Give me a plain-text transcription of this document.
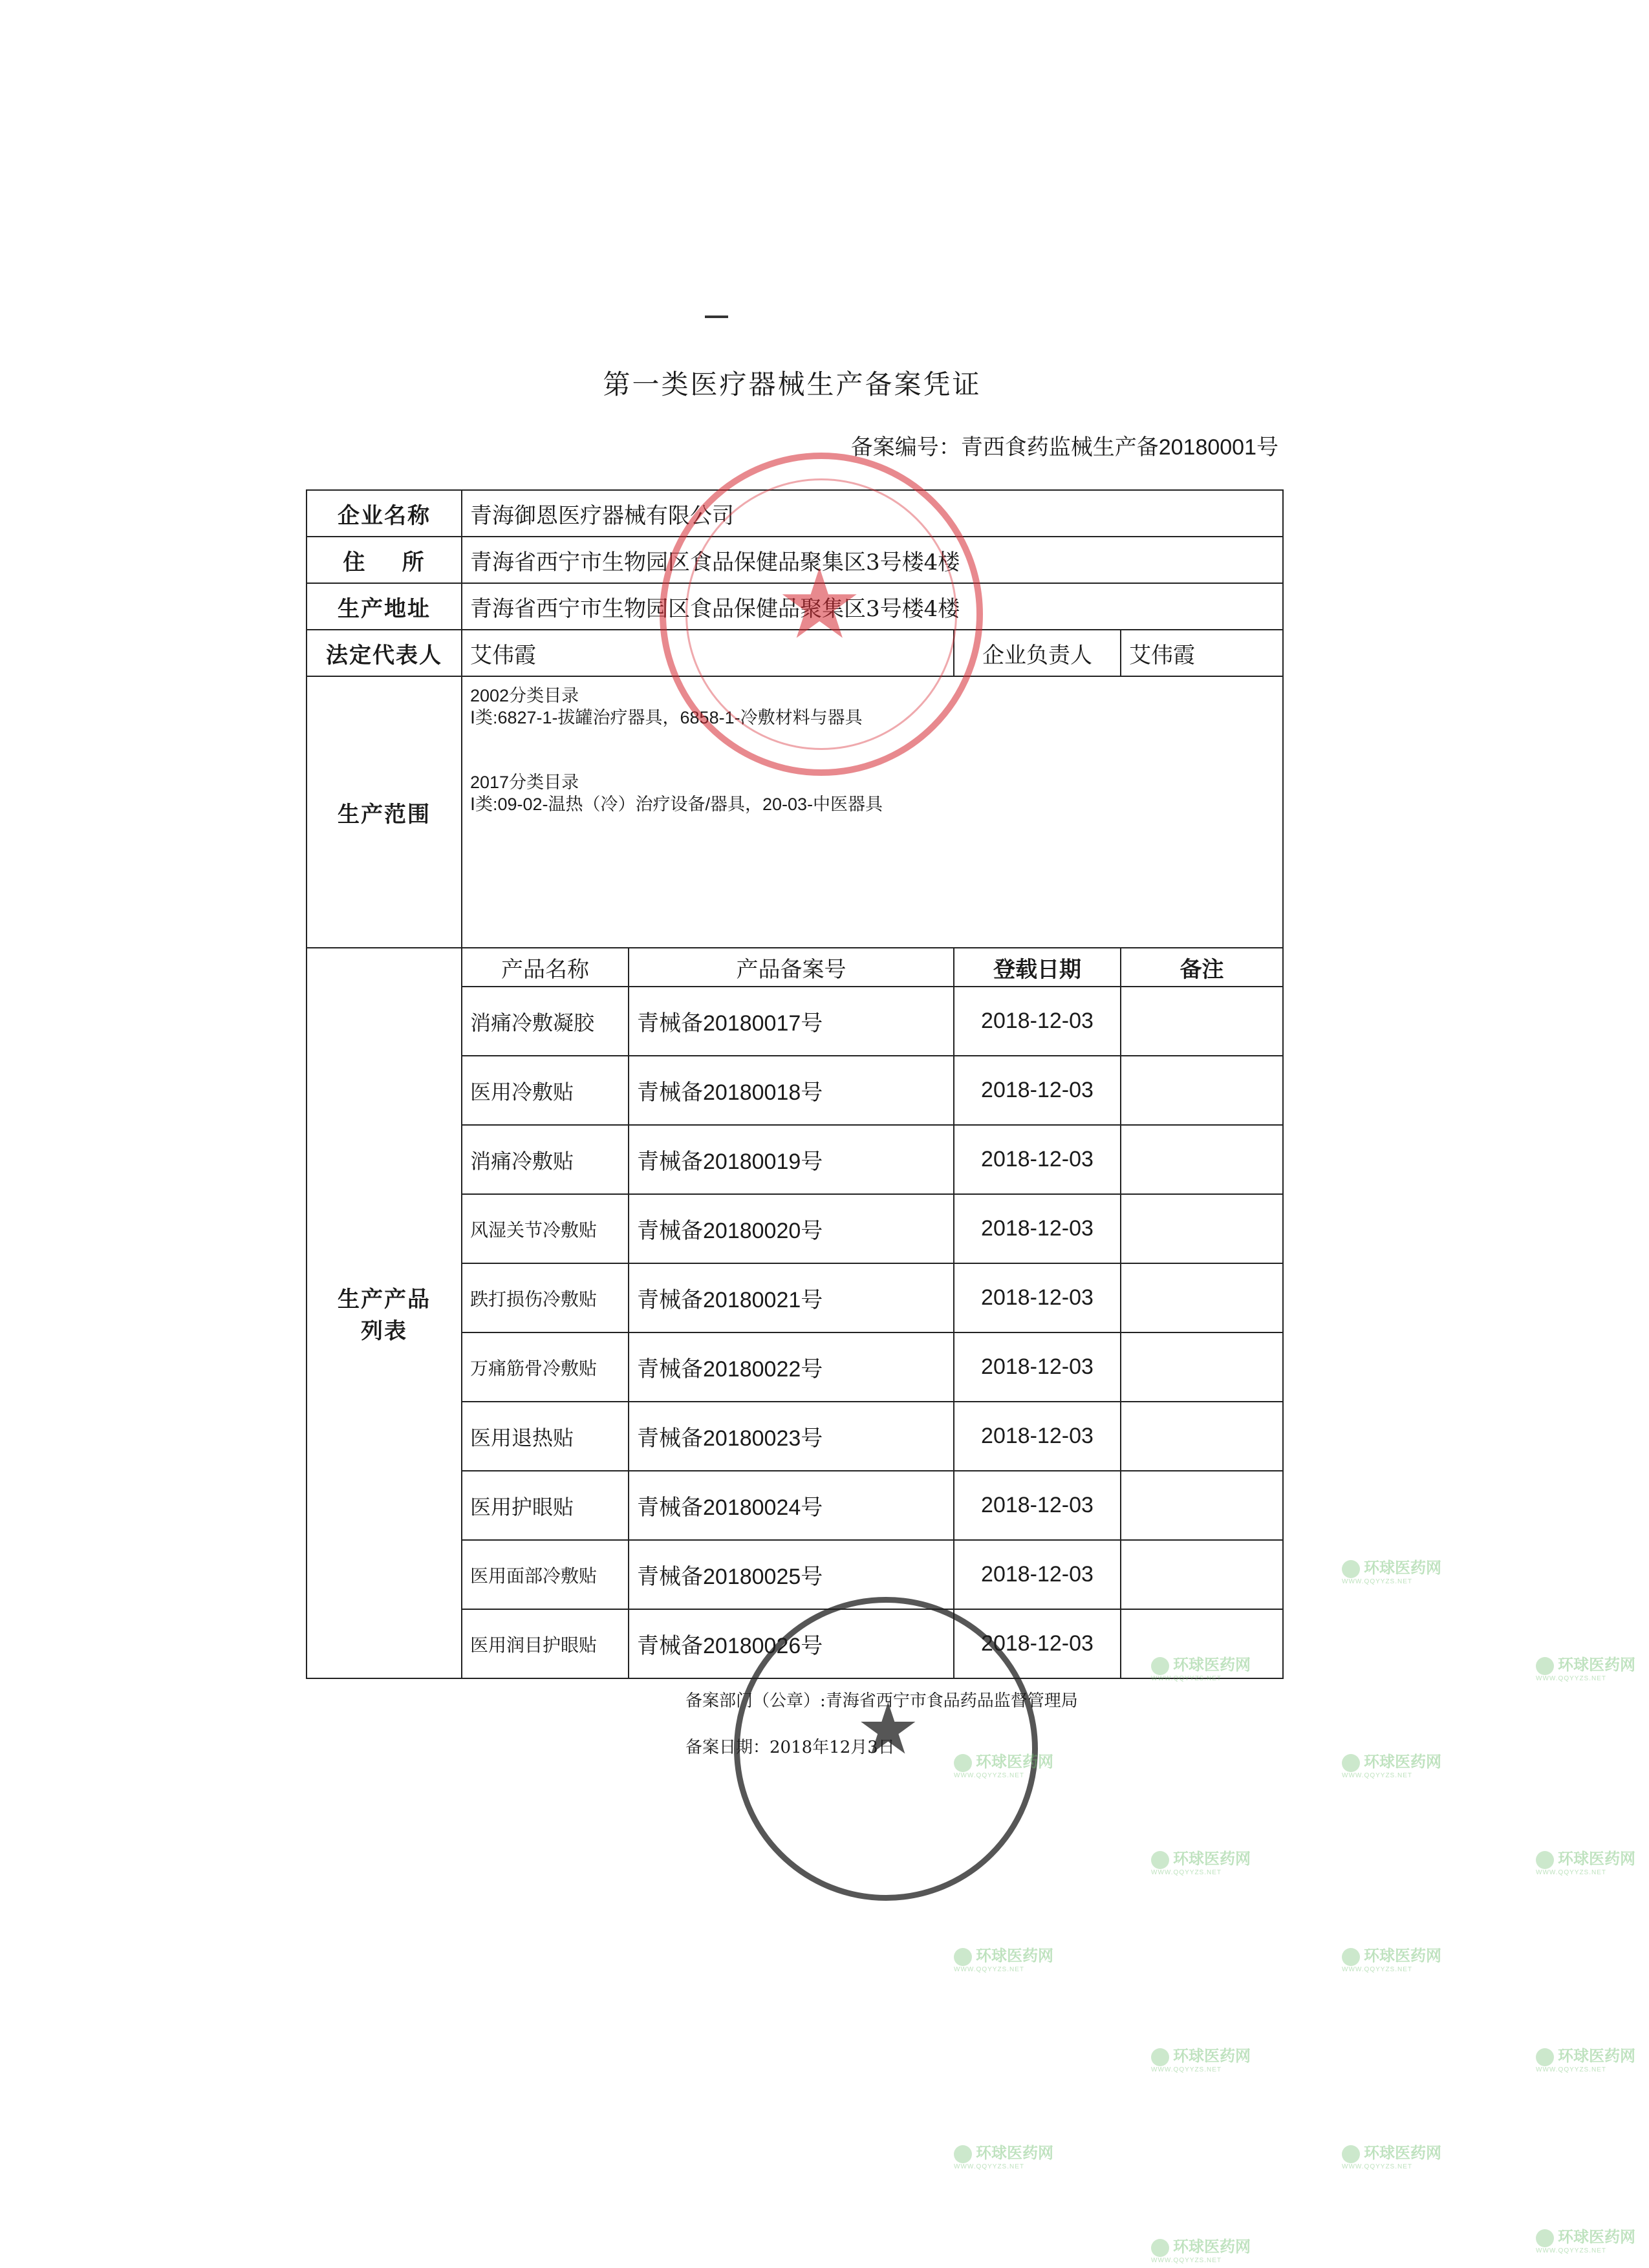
第一类医疗器械生产备案凭证
备案编号：青西食药监械生产备20180001号
企业名称	青海御恩医疗器械有限公司			
住    所	青海省西宁市生物园区食品保健品聚集区3号楼4楼			
生产地址	青海省西宁市生物园区食品保健品聚集区3号楼4楼			
法定代表人	艾伟霞		企业负责人	艾伟霞
生产范围	2002分类目录
Ⅰ类:6827-1-拔罐治疗器具，6858-1-冷敷材料与器具
2017分类目录
Ⅰ类:09-02-温热（冷）治疗设备/器具，20-03-中医器具			

生产产品
列表	产品名称	产品备案号	登载日期	备注
	消痛冷敷凝胶	青械备20180017号	2018-12-03	
	医用冷敷贴	青械备20180018号	2018-12-03	
	消痛冷敷贴	青械备20180019号	2018-12-03	
	风湿关节冷敷贴	青械备20180020号	2018-12-03	
	跌打损伤冷敷贴	青械备20180021号	2018-12-03	
	万痛筋骨冷敷贴	青械备20180022号	2018-12-03	
	医用退热贴	青械备20180023号	2018-12-03	
	医用护眼贴	青械备20180024号	2018-12-03	
	医用面部冷敷贴	青械备20180025号	2018-12-03	
	医用润目护眼贴	青械备20180026号	2018-12-03	
备案部门（公章）:青海省西宁市食品药品监督管理局
备案日期：2018年12月3日
★
★
环球医药网
WWW.QQYYZS.NET
环球医药网
WWW.QQYYZS.NET
环球医药网
WWW.QQYYZS.NET
环球医药网
WWW.QQYYZS.NET
环球医药网
WWW.QQYYZS.NET
环球医药网
WWW.QQYYZS.NET
环球医药网
WWW.QQYYZS.NET
环球医药网
WWW.QQYYZS.NET
环球医药网
WWW.QQYYZS.NET
环球医药网
WWW.QQYYZS.NET
环球医药网
WWW.QQYYZS.NET
环球医药网
WWW.QQYYZS.NET
环球医药网
WWW.QQYYZS.NET
环球医药网
WWW.QQYYZS.NET
环球医药网
WWW.QQYYZS.NET
